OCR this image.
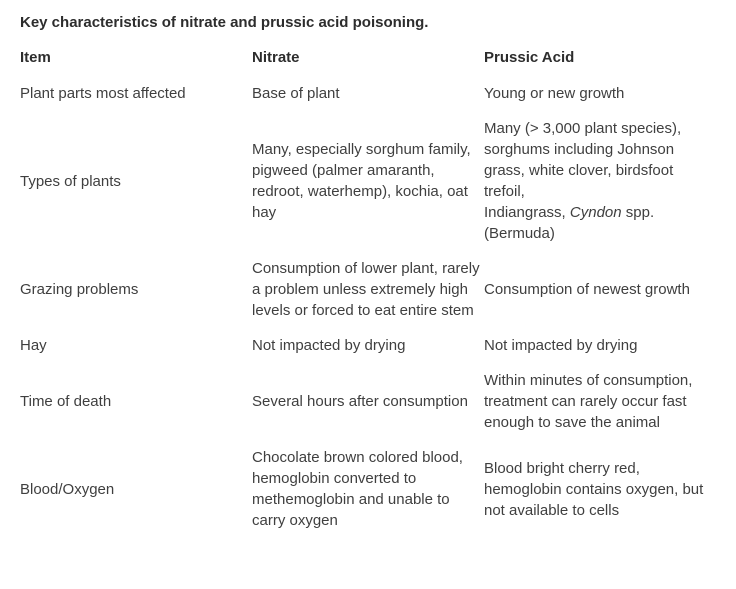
Key characteristics of nitrate and prussic acid poisoning.
Item	Nitrate	Prussic Acid
Plant parts most affected	Base of plant	Young or new growth
Types of plants	Many, especially sorghum family, pigweed (palmer amaranth, redroot, waterhemp), kochia, oat hay	Many (> 3,000 plant species), sorghums including Johnson grass, white clover, birdsfoot trefoil,
Indiangrass, Cyndon spp. (Bermuda)
Grazing problems	Consumption of lower plant, rarely a problem unless extremely high levels or forced to eat entire stem	Consumption of newest growth
Hay	Not impacted by drying	Not impacted by drying
Time of death	Several hours after consumption	Within minutes of consumption, treatment can rarely occur fast enough to save the animal
Blood/Oxygen	Chocolate brown colored blood, hemoglobin converted to methemoglobin and unable to carry oxygen	Blood bright cherry red, hemoglobin contains oxygen, but not available to cells
